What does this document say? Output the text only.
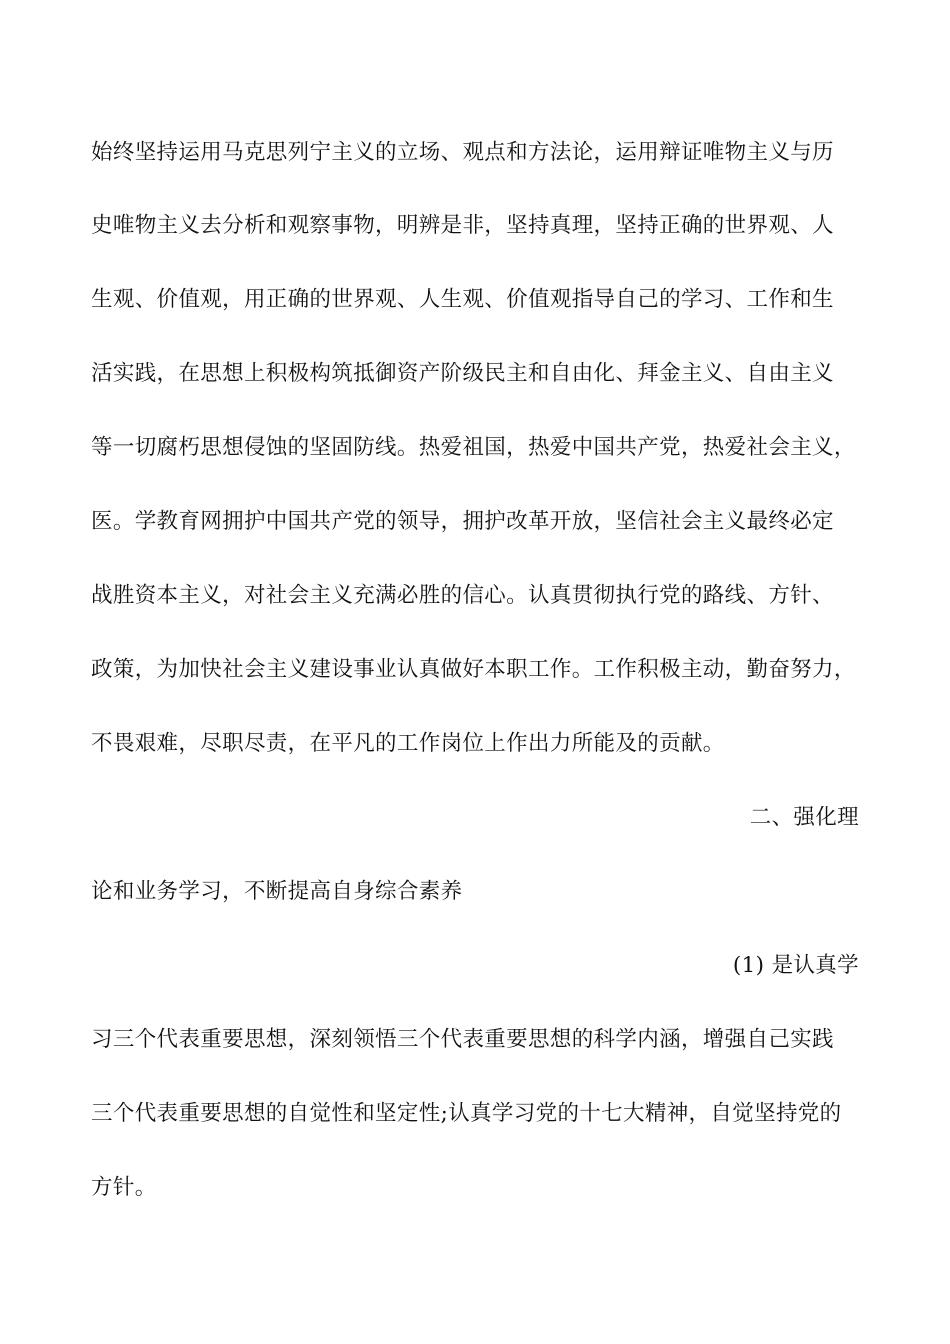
始终坚持运用马克思列宁主义的立场、观点和方法论，运用辩证唯物主义与历
史唯物主义去分析和观察事物，明辨是非，坚持真理，坚持正确的世界观、人
生观、价值观，用正确的世界观、人生观、价值观指导自己的学习、工作和生
活实践，在思想上积极构筑抵御资产阶级民主和自由化、拜金主义、自由主义
等一切腐朽思想侵蚀的坚固防线。热爱祖国，热爱中国共产党，热爱社会主义，
医。学教育网拥护中国共产党的领导，拥护改革开放，坚信社会主义最终必定
战胜资本主义，对社会主义充满必胜的信心。认真贯彻执行党的路线、方针、
政策，为加快社会主义建设事业认真做好本职工作。工作积极主动，勤奋努力，
不畏艰难，尽职尽责，在平凡的工作岗位上作出力所能及的贡献。
二、强化理
论和业务学习，不断提高自身综合素养
(1) 是认真学
习三个代表重要思想，深刻领悟三个代表重要思想的科学内涵，增强自己实践
三个代表重要思想的自觉性和坚定性;认真学习党的十七大精神，自觉坚持党的
方针。
